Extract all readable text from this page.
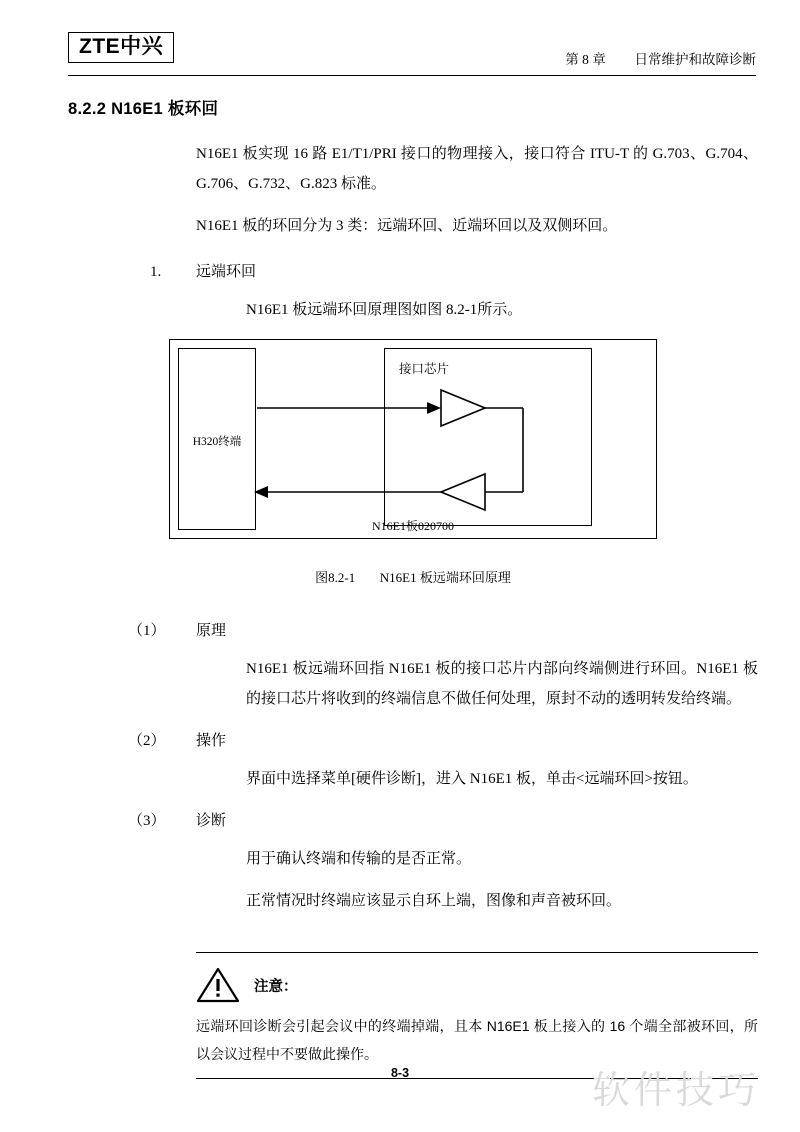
ZTE中兴
第 8 章 日常维护和故障诊断
8.2.2 N16E1 板环回

N16E1 板实现 16 路 E1/T1/PRI 接口的物理接入，接口符合 ITU-T 的 G.703、G.704、G.706、G.732、G.823 标准。

N16E1 板的环回分为 3 类：远端环回、近端环回以及双侧环回。

1.	远端环回

N16E1 板远端环回原理图如图 8.2-1所示。

H320终端
接口芯片
N16E1板020700
图8.2-1 N16E1 板远端环回原理
（1）	原理

N16E1 板远端环回指 N16E1 板的接口芯片内部向终端侧进行环回。N16E1 板的接口芯片将收到的终端信息不做任何处理，原封不动的透明转发给终端。

（2）	操作

界面中选择菜单[硬件诊断]，进入 N16E1 板，单击<远端环回>按钮。

（3）	诊断

用于确认终端和传输的是否正常。

正常情况时终端应该显示自环上端，图像和声音被环回。

注意：
远端环回诊断会引起会议中的终端掉端，且本 N16E1 板上接入的 16 个端全部被环回，所以会议过程中不要做此操作。
8-3	软件技巧
